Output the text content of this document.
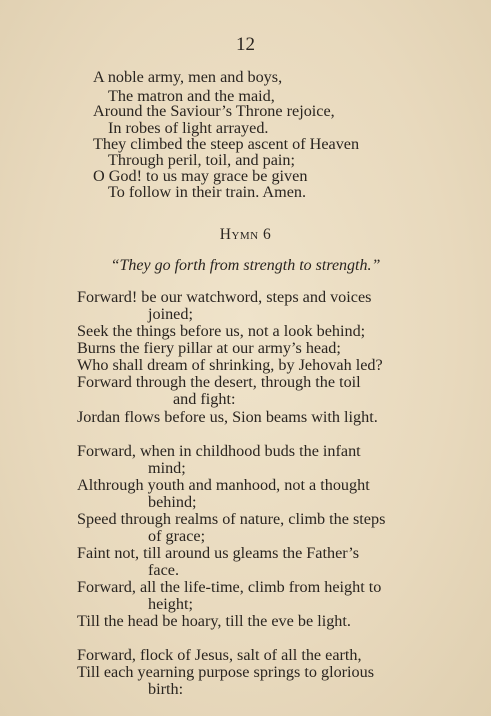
12
A noble army, men and boys,
The matron and the maid,
Around the Saviour’s Throne rejoice,
In robes of light arrayed.
They climbed the steep ascent of Heaven
Through peril, toil, and pain;
O God! to us may grace be given
To follow in their train. Amen.
Hymn 6
“They go forth from strength to strength.”
Forward! be our watchword, steps and voices
joined;
Seek the things before us, not a look behind;
Burns the fiery pillar at our army’s head;
Who shall dream of shrinking, by Jehovah led?
Forward through the desert, through the toil
and fight:
Jordan flows before us, Sion beams with light.
Forward, when in childhood buds the infant
mind;
Althrough youth and manhood, not a thought
behind;
Speed through realms of nature, climb the steps
of grace;
Faint not, till around us gleams the Father’s
face.
Forward, all the life-time, climb from height to
height;
Till the head be hoary, till the eve be light.
Forward, flock of Jesus, salt of all the earth,
Till each yearning purpose springs to glorious
birth:
